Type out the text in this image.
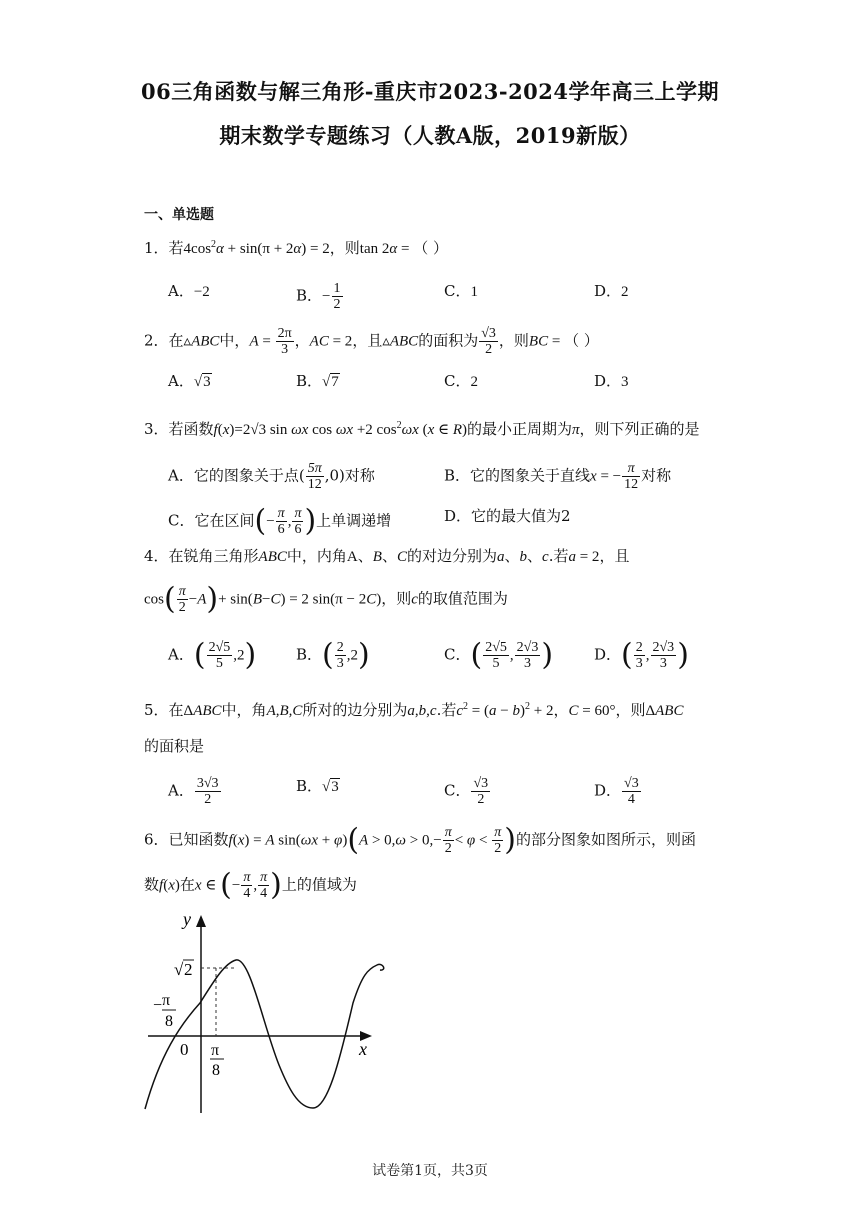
06三角函数与解三角形-重庆市2023-2024学年高三上学期
期末数学专题练习（人教A版，2019新版）
一、单选题
1．若$4\cos^2\alpha + \sin(\pi + 2\alpha) = 2$，则tan 2α = （ ）
A．−2	B．− $\frac{1}{2}$	C．1	D．2
2．在▵ABC中，$A = \frac{2\pi}{3}$ ，AC = 2，且▵ABC的面积为 $\frac{√3}{2}$ ，则BC = （ ）
A．√3	B．√7	C．2	D．3
3．若函数f(x)=2√3 sin ωx cos ωx +2 $\cos^2\omega x$ (x ∈ R)的最小正周期为π，则下列正确的是
A．它的图象关于点( $\frac{5\pi}{12} ,0$)对称	B．它的图象关于直线x = − $\frac{\pi}{12}$ 对称
C．它在区间(− $\frac{\pi}{6}$ , $\frac{\pi}{6}$ )上单调递增	D．它的最大值为2
4．在锐角三角形ABC中，内角A、B、C的对边分别为a、b、c.若a = 2，且
$\cos( \frac{\pi}{2} -A)+ \sin(B-C) = 2$ sin(π − 2C)，则c的取值范围为
A．( $\frac{2√5}{5} ,2$)	B．( $\frac{2}{3} ,2$)	C．( $\frac{2√5}{5}$ , $\frac{2√3}{3}$ )	D．( $\frac{2}{3}$ , $\frac{2√3}{3}$ )
5．在ΔABC中，角A,B,C所对的边分别为a,b,c.若$c^2 = (a - b)^2 + 2$，C = 60°，则ΔABC
的面积是
A． $\frac{3√3}{2}$	B．√3	C． $\frac{√3}{2}$	D． $\frac{√3}{4}$
6．已知函数f(x) = A $\sin(\omega x + \varphi)(A > 0,\omega > 0,- \frac{\pi}{2} < \varphi < \frac{\pi}{2}$ )的部分图象如图所示，则函
数f(x)在x ∈ (− $\frac{\pi}{4}$ , $\frac{\pi}{4}$ )上的值域为
y
x
√ 2
π
−
8
0 π
8
试卷第1页，共3页
